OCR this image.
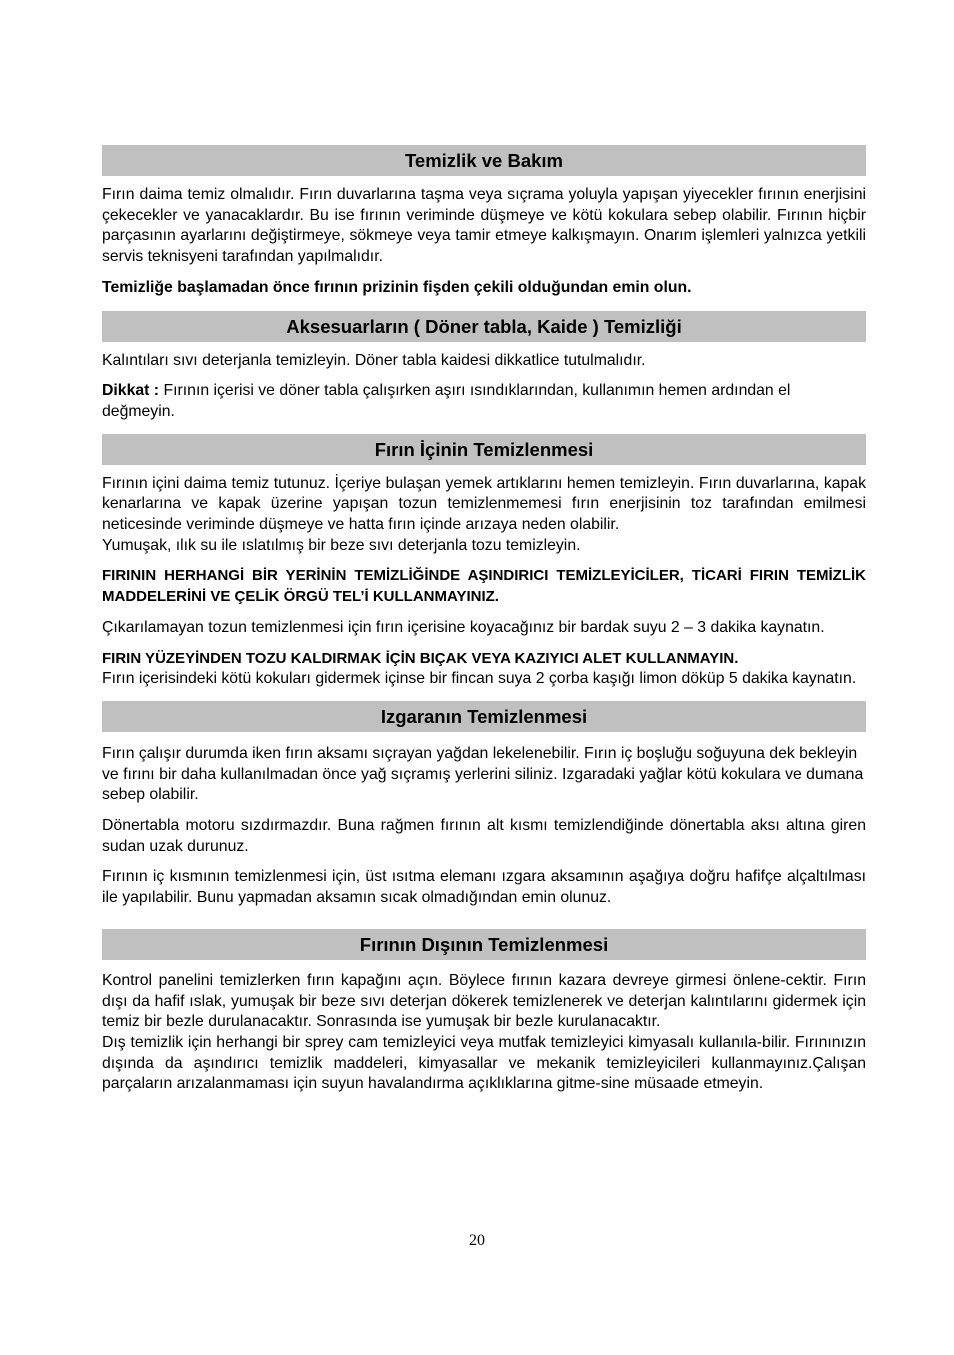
Temizlik ve Bakım

Fırın daima temiz olmalıdır. Fırın duvarlarına taşma veya sıçrama yoluyla yapışan yiyecekler fırının enerjisini çekecekler ve yanacaklardır. Bu ise fırının veriminde düşmeye ve kötü kokulara sebep olabilir. Fırının hiçbir parçasının ayarlarını değiştirmeye, sökmeye veya tamir etmeye kalkışmayın. Onarım işlemleri yalnızca yetkili servis teknisyeni tarafından yapılmalıdır.

Temizliğe başlamadan önce fırının prizinin fişden çekili olduğundan emin olun.

Aksesuarların ( Döner tabla, Kaide ) Temizliği

Kalıntıları sıvı deterjanla temizleyin. Döner tabla kaidesi dikkatlice tutulmalıdır.

Dikkat : Fırının içerisi ve döner tabla çalışırken aşırı ısındıklarından, kullanımın hemen ardından el değmeyin.

Fırın İçinin Temizlenmesi

Fırının içini daima temiz tutunuz. İçeriye bulaşan yemek artıklarını hemen temizleyin. Fırın duvarlarına, kapak kenarlarına ve kapak üzerine yapışan tozun temizlenmemesi fırın enerjisinin toz tarafından emilmesi neticesinde veriminde düşmeye ve hatta fırın içinde arızaya neden olabilir.

Yumuşak, ılık su ile ıslatılmış bir beze sıvı deterjanla tozu temizleyin.

FIRININ HERHANGİ BİR YERİNİN TEMİZLİĞİNDE AŞINDIRICI TEMİZLEYİCİLER, TİCARİ FIRIN TEMİZLİK MADDELERİNİ VE ÇELİK ÖRGÜ TEL’İ KULLANMAYINIZ.

Çıkarılamayan tozun temizlenmesi için fırın içerisine koyacağınız bir bardak suyu 2 – 3 dakika kaynatın.

FIRIN YÜZEYİNDEN TOZU KALDIRMAK İÇİN BIÇAK VEYA KAZIYICI ALET KULLANMAYIN.

Fırın içerisindeki kötü kokuları gidermek içinse bir fincan suya 2 çorba kaşığı limon döküp 5 dakika kaynatın.

Izgaranın Temizlenmesi

Fırın çalışır durumda iken fırın aksamı sıçrayan yağdan lekelenebilir. Fırın iç boşluğu soğuyuna dek bekleyin ve fırını bir daha kullanılmadan önce yağ sıçramış yerlerini siliniz. Izgaradaki yağlar kötü kokulara ve dumana sebep olabilir.

Dönertabla motoru sızdırmazdır. Buna rağmen fırının alt kısmı temizlendiğinde dönertabla aksı altına giren sudan uzak durunuz.

Fırının iç kısmının temizlenmesi için, üst ısıtma elemanı ızgara aksamının aşağıya doğru hafifçe alçaltılması ile yapılabilir. Bunu yapmadan aksamın sıcak olmadığından emin olunuz.

Fırının Dışının Temizlenmesi

Kontrol panelini temizlerken fırın kapağını açın. Böylece fırının kazara devreye girmesi önlene-cektir. Fırın dışı da hafif ıslak, yumuşak bir beze sıvı deterjan dökerek temizlenerek ve deterjan kalıntılarını gidermek için temiz bir bezle durulanacaktır. Sonrasında ise yumuşak bir bezle kurulanacaktır.

Dış temizlik için herhangi bir sprey cam temizleyici veya mutfak temizleyici kimyasalı kullanıla-bilir. Fırınınızın dışında da aşındırıcı temizlik maddeleri, kimyasallar ve mekanik temizleyicileri kullanmayınız.Çalışan parçaların arızalanmaması için suyun havalandırma açıklıklarına gitme-sine müsaade etmeyin.

20
